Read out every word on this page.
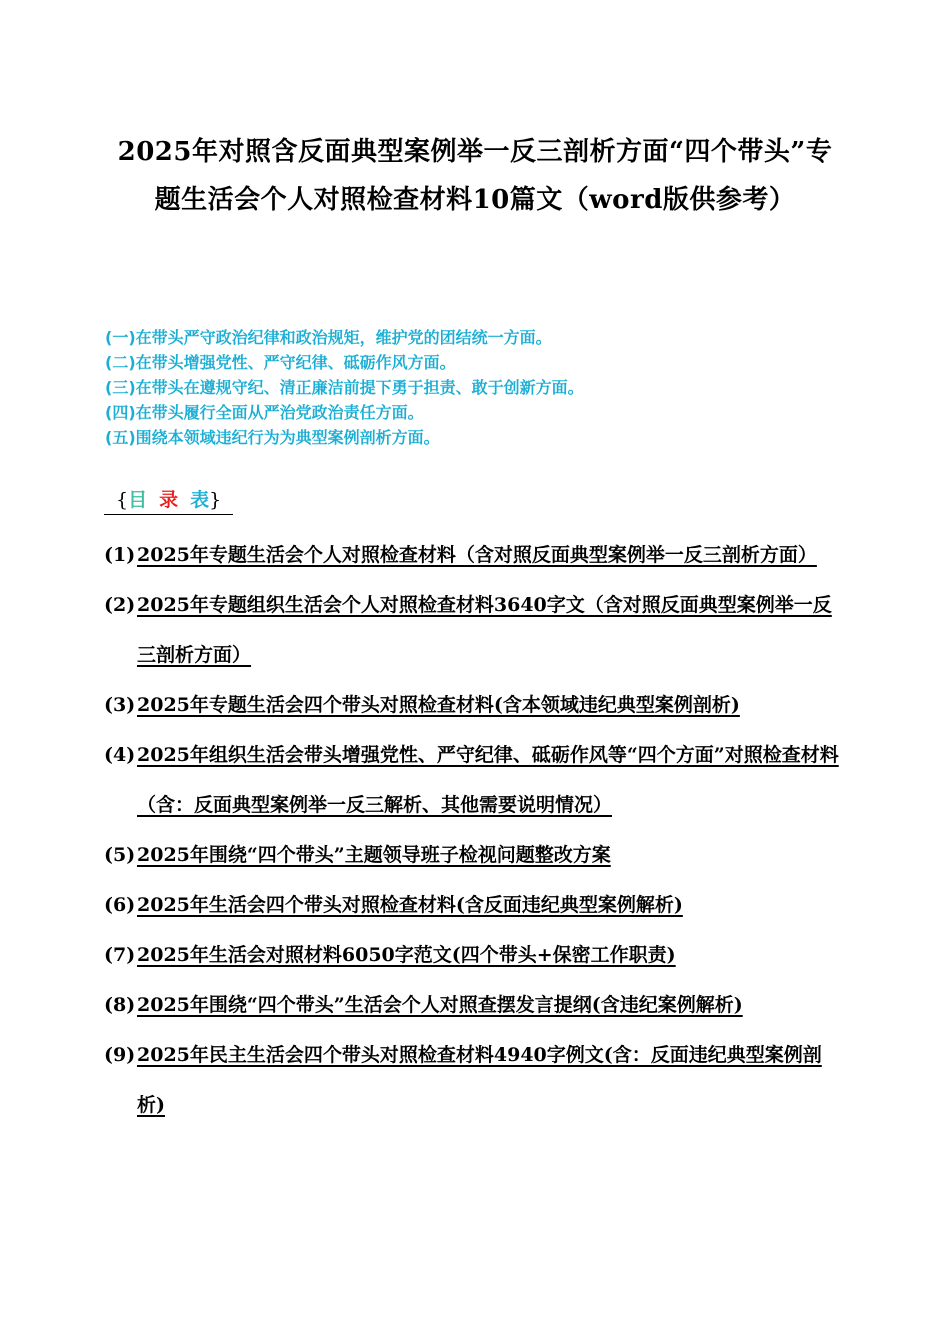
2025年对照含反面典型案例举一反三剖析方面“四个带头”专题生活会个人对照检查材料10篇文（word版供参考）
(一)在带头严守政治纪律和政治规矩，维护党的团结统一方面。
(二)在带头增强党性、严守纪律、砥砺作风方面。
(三)在带头在遵规守纪、清正廉洁前提下勇于担责、敢于创新方面。
(四)在带头履行全面从严治党政治责任方面。
(五)围绕本领域违纪行为为典型案例剖析方面。
{目 录 表}
(1) 2025年专题生活会个人对照检查材料（含对照反面典型案例举一反三剖析方面）
(2) 2025年专题组织生活会个人对照检查材料3640字文（含对照反面典型案例举一反三剖析方面）
(3) 2025年专题生活会四个带头对照检查材料(含本领域违纪典型案例剖析)
(4) 2025年组织生活会带头增强党性、严守纪律、砥砺作风等“四个方面”对照检查材料（含：反面典型案例举一反三解析、其他需要说明情况）
(5) 2025年围绕“四个带头”主题领导班子检视问题整改方案
(6) 2025年生活会四个带头对照检查材料(含反面违纪典型案例解析)
(7) 2025年生活会对照材料6050字范文(四个带头+保密工作职责)
(8) 2025年围绕“四个带头”生活会个人对照查摆发言提纲(含违纪案例解析)
(9) 2025年民主生活会四个带头对照检查材料4940字例文(含：反面违纪典型案例剖析)
